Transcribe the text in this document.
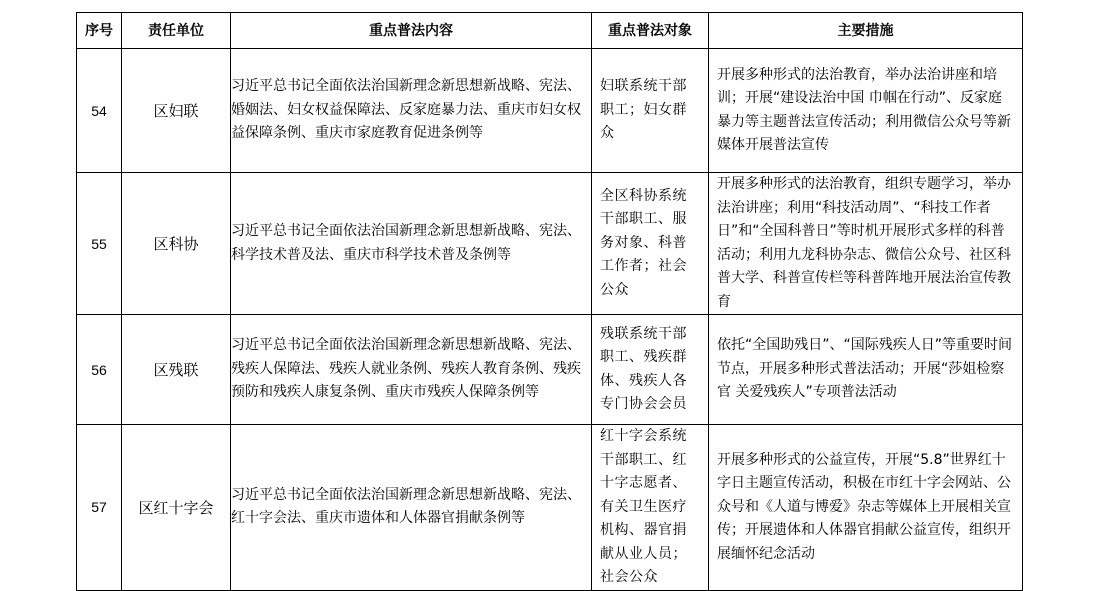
序号	责任单位	重点普法内容	重点普法对象	主要措施
54	区妇联	习近平总书记全面依法治国新理念新思想新战略、宪法、婚姻法、妇女权益保障法、反家庭暴力法、重庆市妇女权益保障条例、重庆市家庭教育促进条例等	妇联系统干部职工；妇女群众	开展多种形式的法治教育，举办法治讲座和培训；开展“建设法治中国 巾帼在行动”、反家庭暴力等主题普法宣传活动；利用微信公众号等新媒体开展普法宣传
55	区科协	习近平总书记全面依法治国新理念新思想新战略、宪法、科学技术普及法、重庆市科学技术普及条例等	全区科协系统干部职工、服务对象、科普工作者；社会公众	开展多种形式的法治教育，组织专题学习，举办法治讲座；利用“科技活动周”、“科技工作者日”和“全国科普日”等时机开展形式多样的科普活动；利用九龙科协杂志、微信公众号、社区科普大学、科普宣传栏等科普阵地开展法治宣传教育
56	区残联	习近平总书记全面依法治国新理念新思想新战略、宪法、残疾人保障法、残疾人就业条例、残疾人教育条例、残疾预防和残疾人康复条例、重庆市残疾人保障条例等	残联系统干部职工、残疾群体、残疾人各专门协会会员	依托“全国助残日”、“国际残疾人日”等重要时间节点，开展多种形式普法活动；开展“莎姐检察官 关爱残疾人”专项普法活动
57	区红十字会	习近平总书记全面依法治国新理念新思想新战略、宪法、红十字会法、重庆市遗体和人体器官捐献条例等	红十字会系统干部职工、红十字志愿者、有关卫生医疗机构、器官捐献从业人员；社会公众	开展多种形式的公益宣传，开展“5.8”世界红十字日主题宣传活动，积极在市红十字会网站、公众号和《人道与博爱》杂志等媒体上开展相关宣传；开展遗体和人体器官捐献公益宣传，组织开展缅怀纪念活动
